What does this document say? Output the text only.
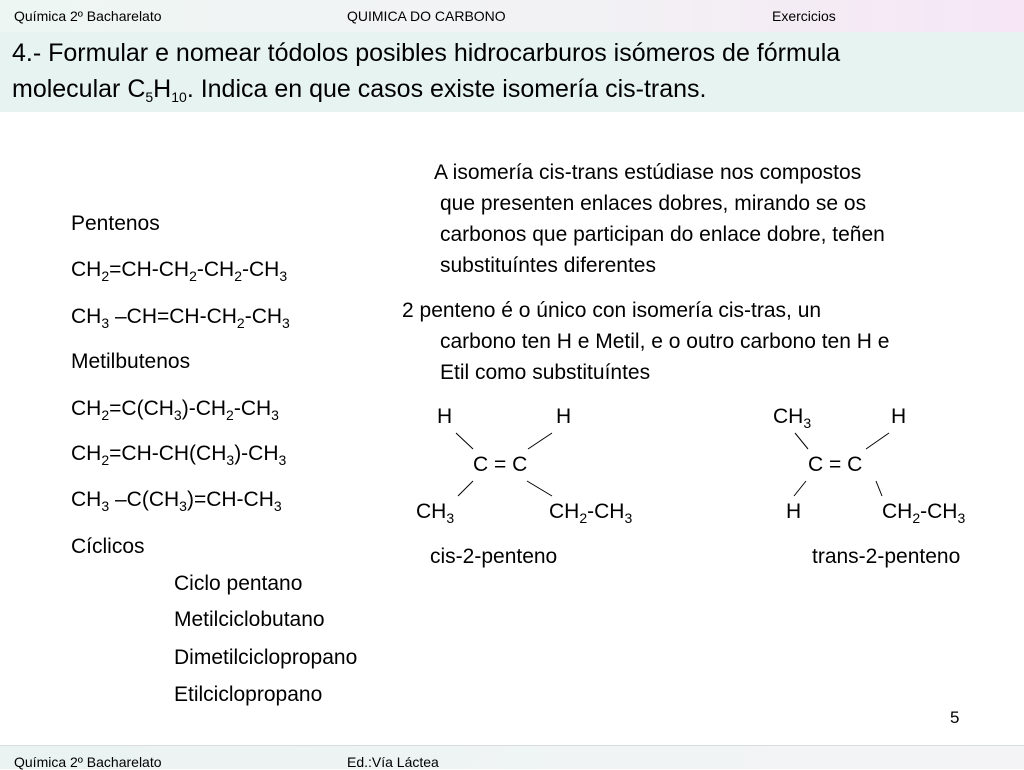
Química 2º Bacharelato	QUIMICA DO CARBONO	Exercicios
4.- Formular e nomear tódolos posibles hidrocarburos isómeros de fórmula
molecular $C_5H_{10}$. Indica en que casos existe isomería cis-trans.
Pentenos
$CH_2=CH-CH_2-CH_2-CH_3$
$CH_3$ $-CH=CH-CH_2-CH_3$
Metilbutenos
$CH_2=C(CH_3)-CH_2-CH_3$
$CH_2=CH-CH(CH_3)-CH_3$
$CH_3$ $-C(CH_3)=CH-CH_3$
Cíclicos
Ciclo pentano
Metilciclobutano
Dimetilciclopropano
Etilciclopropano
A isomería cis-trans estúdiase nos compostos
que presenten enlaces dobres, mirando se os
carbonos que participan do enlace dobre, teñen
substituíntes diferentes
2 penteno é o único con isomería cis-tras, un
carbono ten H e Metil, e o outro carbono ten H e
Etil como substituíntes
H	H
C = C
$CH_3$	$CH_2-CH_3$
cis-2-penteno
$CH_3$	H
C = C
H	$CH_2-CH_3$
trans-2-penteno
5
Química 2º Bacharelato	Ed.:Vía Láctea
